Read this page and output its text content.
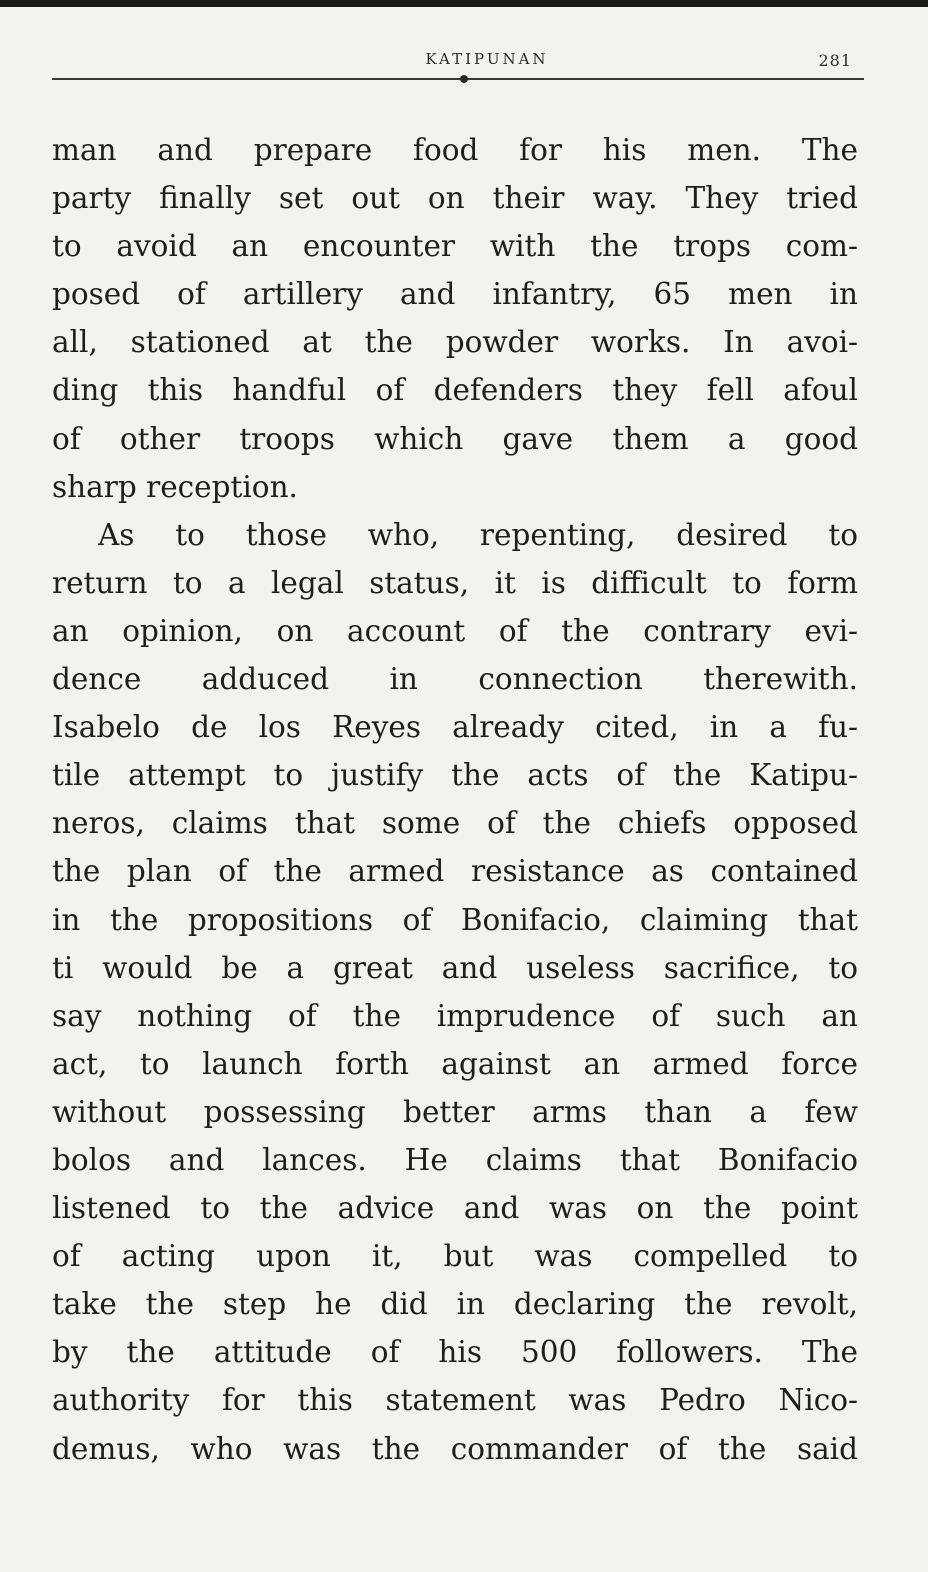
KATIPUNAN	281
man and prepare food for his men. The
party finally set out on their way. They tried
to avoid an encounter with the trops com-
posed of artillery and infantry, 65 men in
all, stationed at the powder works. In avoi-
ding this handful of defenders they fell afoul
of other troops which gave them a good
sharp reception.
As to those who, repenting, desired to
return to a legal status, it is difficult to form
an opinion, on account of the contrary evi-
dence adduced in connection therewith.
Isabelo de los Reyes already cited, in a fu-
tile attempt to justify the acts of the Katipu-
neros, claims that some of the chiefs opposed
the plan of the armed resistance as contained
in the propositions of Bonifacio, claiming that
ti would be a great and useless sacrifice, to
say nothing of the imprudence of such an
act, to launch forth against an armed force
without possessing better arms than a few
bolos and lances. He claims that Bonifacio
listened to the advice and was on the point
of acting upon it, but was compelled to
take the step he did in declaring the revolt,
by the attitude of his 500 followers. The
authority for this statement was Pedro Nico-
demus, who was the commander of the said
